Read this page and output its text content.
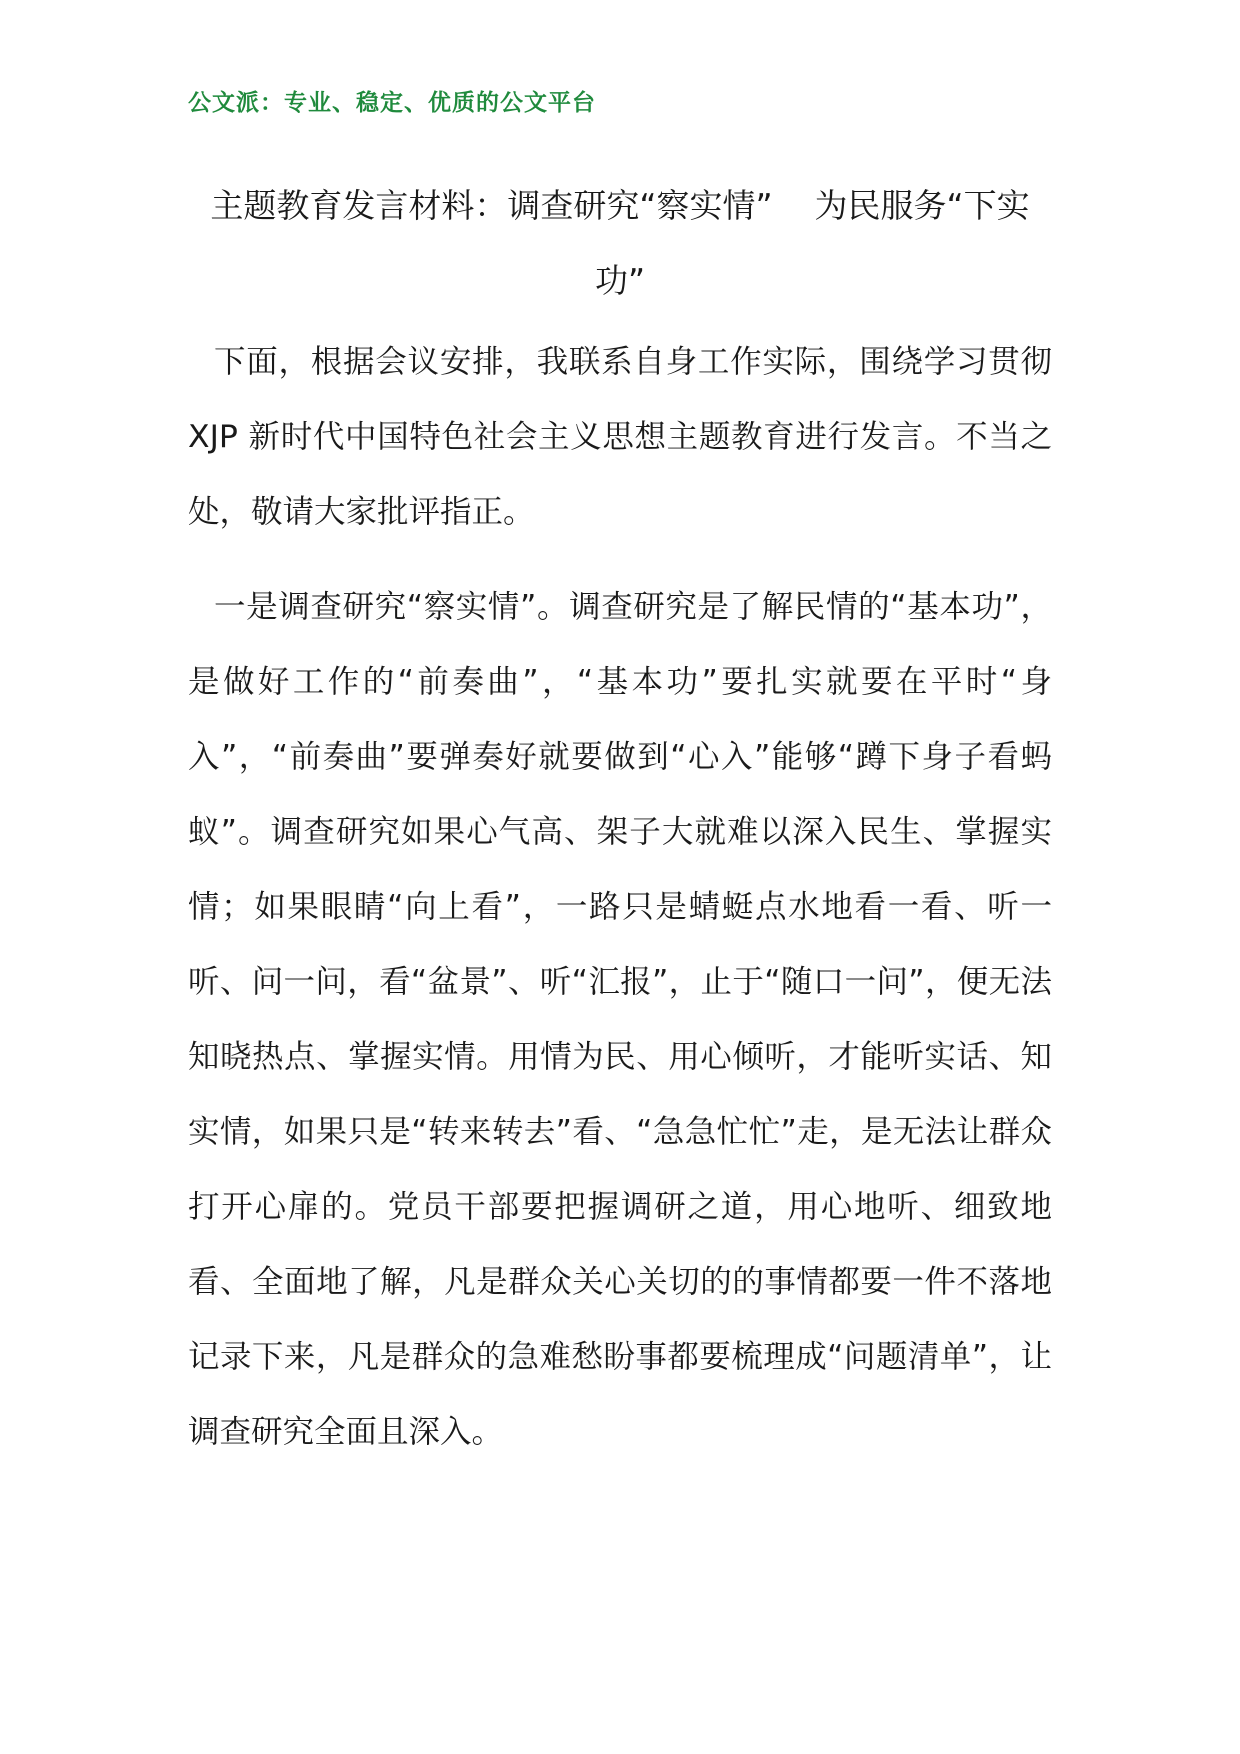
公文派：专业、稳定、优质的公文平台
主题教育发言材料：调查研究“察实情”    为民服务“下实功”

下面，根据会议安排，我联系自身工作实际，围绕学习贯彻 XJP 新时代中国特色社会主义思想主题教育进行发言。不当之处，敬请大家批评指正。

一是调查研究“察实情”。调查研究是了解民情的“基本功”，是做好工作的“前奏曲”，“基本功”要扎实就要在平时“身入”，“前奏曲”要弹奏好就要做到“心入”能够“蹲下身子看蚂蚁”。调查研究如果心气高、架子大就难以深入民生、掌握实情；如果眼睛“向上看”，一路只是蜻蜓点水地看一看、听一听、问一问，看“盆景”、听“汇报”，止于“随口一问”，便无法知晓热点、掌握实情。用情为民、用心倾听，才能听实话、知实情，如果只是“转来转去”看、“急急忙忙”走，是无法让群众打开心扉的。党员干部要把握调研之道，用心地听、细致地看、全面地了解，凡是群众关心关切的的事情都要一件不落地记录下来，凡是群众的急难愁盼事都要梳理成“问题清单”，让调查研究全面且深入。
